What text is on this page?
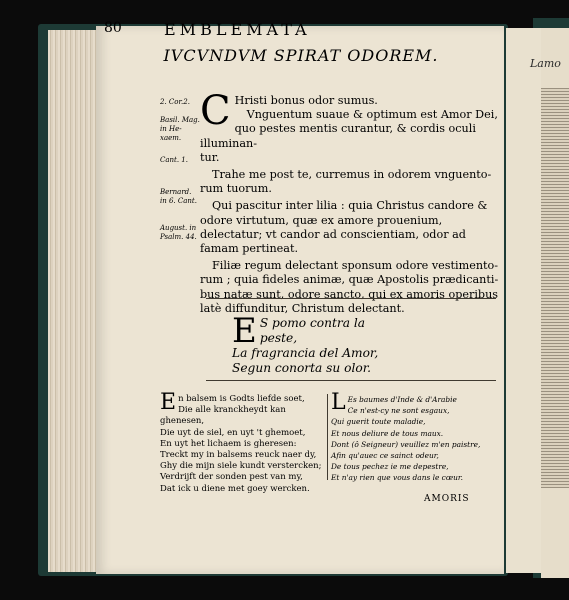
Lamo
80	EMBLEMATA
IVCVNDVM SPIRAT ODOREM.
2. Cor.2.
Basil. Mag. in He- xaem.
Cant. 1.
Bernard. in 6. Cant.
August. in Psalm. 44.
C Hristi bonus odor sumus.
Vnguentum suaue & optimum est Amor Dei,
quo pestes mentis curantur, & cordis oculi illuminan-
tur.
Trahe me post te, curremus in odorem vnguento-rum tuorum.
Qui pascitur inter lilia : quia Christus candore & odore virtutum, quæ ex amore prouenium, delectatur; vt candor ad conscientiam, odor ad famam pertineat.
Filiæ regum delectant sponsum odore vestimento-rum ; quia fideles animæ, quæ Apostolis prædicanti-bus natæ sunt, odore sancto, qui ex amoris operibus latè diffunditur, Christum delectant.
E S pomo contra la peste,
La fragrancia del Amor,
Segun conorta su olor.
E n balsem is Godts liefde soet,
Die alle kranckheydt kan ghenesen,
Die uyt de siel, en uyt 't ghemoet,
En uyt het lichaem is gheresen:
Treckt my in balsems reuck naer dy,
Ghy die mijn siele kundt verstercken;
Verdrijft der sonden pest van my,
Dat ick u diene met goey wercken.
L Es baumes d'Inde & d'Arabie
Ce n'est-cy ne sont esgaux,
Qui guerit toute maladie,
Et nous deliure de tous maux.
Dont (ô Seigneur) veuillez m'en paistre,
Afin qu'auec ce sainct odeur,
De tous pechez ie me depestre,
Et n'ay rien que vous dans le cœur.
AMORIS
